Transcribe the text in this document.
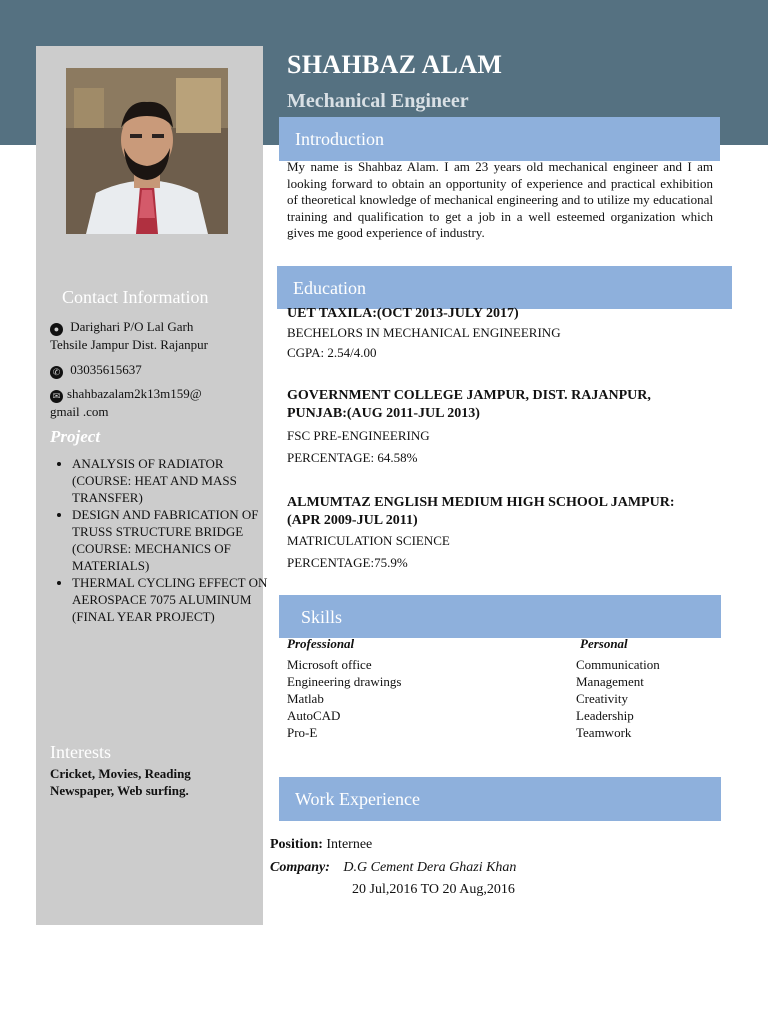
SHAHBAZ ALAM
Mechanical Engineer
Introduction
My name is Shahbaz Alam. I am 23 years old mechanical engineer and I am looking forward to obtain an opportunity of experience and practical exhibition of theoretical knowledge of mechanical engineering and to utilize my educational training and qualification to get a job in a well esteemed organization which gives me good experience of industry.
Contact Information
● Darighari P/O Lal Garh
Tehsile Jampur Dist. Rajanpur
✆ 03035615637
✉ shahbazalam2k13m159@
gmail .com
Project
• ANALYSIS OF RADIATOR (COURSE: HEAT AND MASS TRANSFER)
• DESIGN AND FABRICATION OF TRUSS STRUCTURE BRIDGE (COURSE: MECHANICS OF MATERIALS)
• THERMAL CYCLING EFFECT ON AEROSPACE 7075 ALUMINUM (FINAL YEAR PROJECT)
Interests
Cricket, Movies, Reading
Newspaper, Web surfing.
Education
UET TAXILA:(OCT 2013-JULY 2017)
BECHELORS IN MECHANICAL ENGINEERING
CGPA: 2.54/4.00
GOVERNMENT COLLEGE JAMPUR, DIST. RAJANPUR, PUNJAB:(AUG 2011-JUL 2013)
FSC PRE-ENGINEERING
PERCENTAGE: 64.58%
ALMUMTAZ ENGLISH MEDIUM HIGH SCHOOL JAMPUR:(APR 2009-JUL 2011)
MATRICULATION SCIENCE
PERCENTAGE:75.9%
Skills
Professional	Personal
Microsoft office
Engineering drawings
Matlab
AutoCAD
Pro-E
Communication
Management
Creativity
Leadership
Teamwork
Work Experience
Position: Internee
Company: D.G Cement Dera Ghazi Khan
20 Jul,2016 TO 20 Aug,2016
